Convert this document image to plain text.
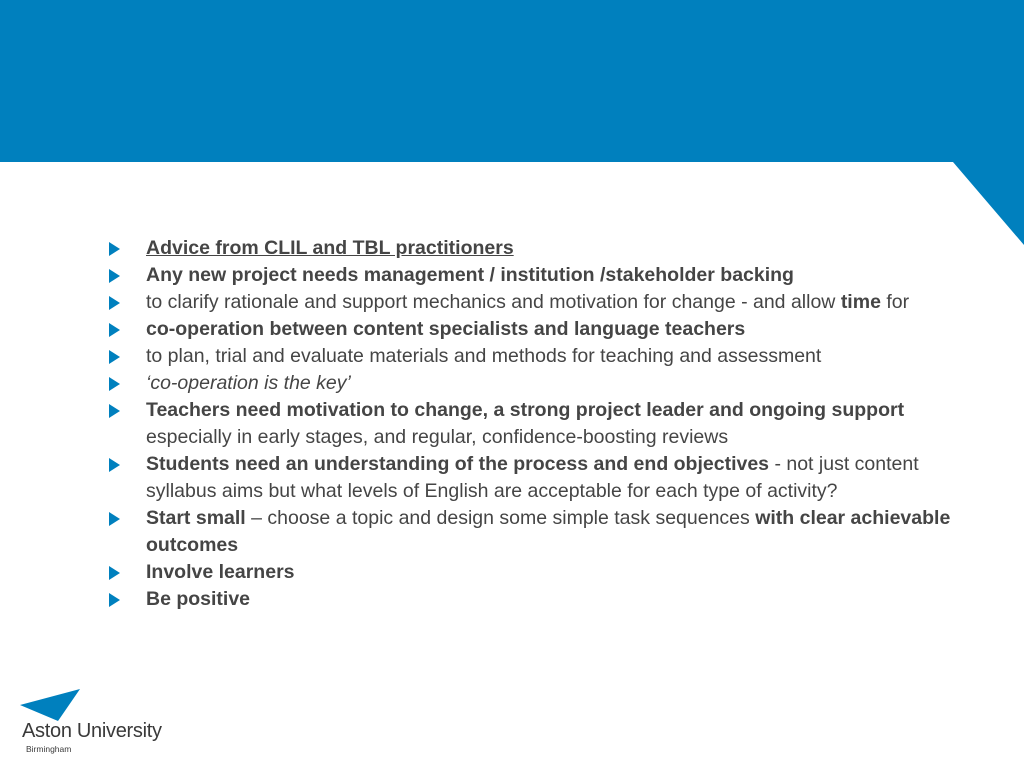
Advice from CLIL and TBL practitioners
Any new project needs management / institution /stakeholder backing
to clarify rationale and support mechanics and motivation for change - and allow time for
co-operation between content specialists and language teachers
to plan, trial and evaluate materials and methods for teaching and assessment
‘co-operation is the key’
Teachers need motivation to change, a strong project leader and ongoing support especially in early stages, and regular, confidence-boosting reviews
Students need an understanding of the process and end objectives - not just content syllabus aims but what levels of English are acceptable for each type of activity?
Start small – choose a topic and design some simple task sequences with clear achievable outcomes
Involve learners
Be positive
Aston University
Birmingham
